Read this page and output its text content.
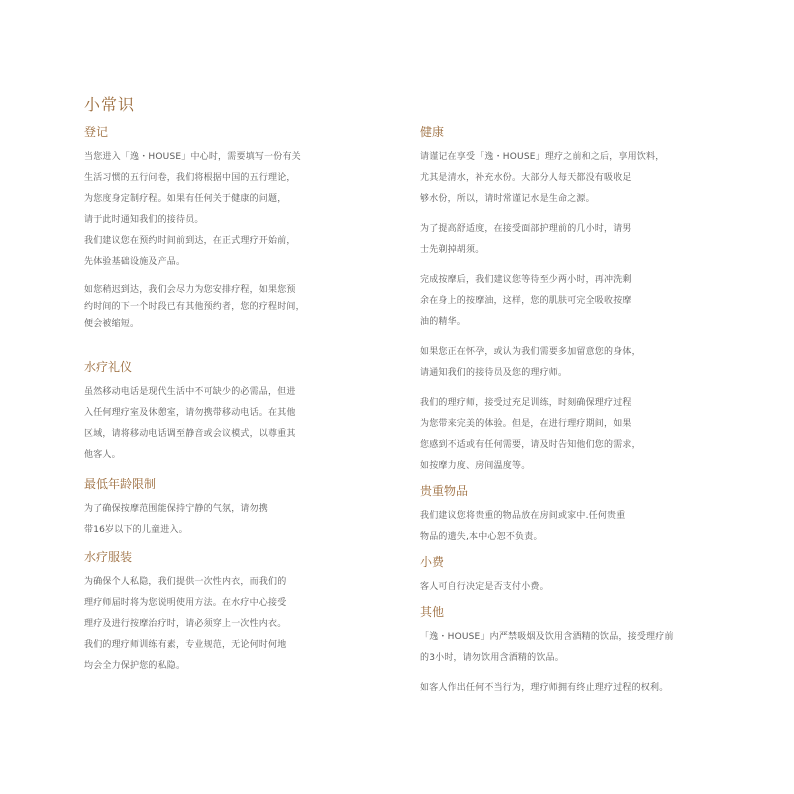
小常识
登记
当您进入「逸・HOUSE」中心时，需要填写一份有关
生活习惯的五行问卷，我们将根据中国的五行理论，
为您度身定制疗程。如果有任何关于健康的问题，
请于此时通知我们的接待员。
我们建议您在预约时间前到达，在正式理疗开始前，
先体验基础设施及产品。
如您稍迟到达，我们会尽力为您安排疗程，如果您预
约时间的下一个时段已有其他预约者，您的疗程时间，
便会被缩短。
水疗礼仪
虽然移动电话是现代生活中不可缺少的必需品，但进
入任何理疗室及休憩室，请勿携带移动电话。在其他
区域，请将移动电话调至静音或会议模式，以尊重其
他客人。
最低年龄限制
为了确保按摩范围能保持宁静的气氛，请勿携
带16岁以下的儿童进入。
水疗服装
为确保个人私隐，我们提供一次性内衣，而我们的
理疗师届时将为您说明使用方法。在水疗中心接受
理疗及进行按摩治疗时，请必须穿上一次性内衣。
我们的理疗师训练有素，专业规范，无论何时何地
均会全力保护您的私隐。
健康
请谨记在享受「逸・HOUSE」理疗之前和之后，享用饮料，
尤其是清水，补充水份。大部分人每天都没有吸收足
够水份，所以，请时常谨记水是生命之源。
为了提高舒适度，在接受面部护理前的几小时，请男
士先剃掉胡须。
完成按摩后，我们建议您等待至少两小时，再冲洗剩
余在身上的按摩油，这样，您的肌肤可完全吸收按摩
油的精华。
如果您正在怀孕，或认为我们需要多加留意您的身体，
请通知我们的接待员及您的理疗师。
我们的理疗师，接受过充足训练，时刻确保理疗过程
为您带来完美的体验。但是，在进行理疗期间，如果
您感到不适或有任何需要，请及时告知他们您的需求，
如按摩力度、房间温度等。
贵重物品
我们建议您将贵重的物品放在房间或家中.任何贵重
物品的遗失,本中心恕不负责。
小费
客人可自行决定是否支付小费。
其他
「逸・HOUSE」内严禁吸烟及饮用含酒精的饮品，接受理疗前
的3小时，请勿饮用含酒精的饮品。
如客人作出任何不当行为，理疗师拥有终止理疗过程的权利。
